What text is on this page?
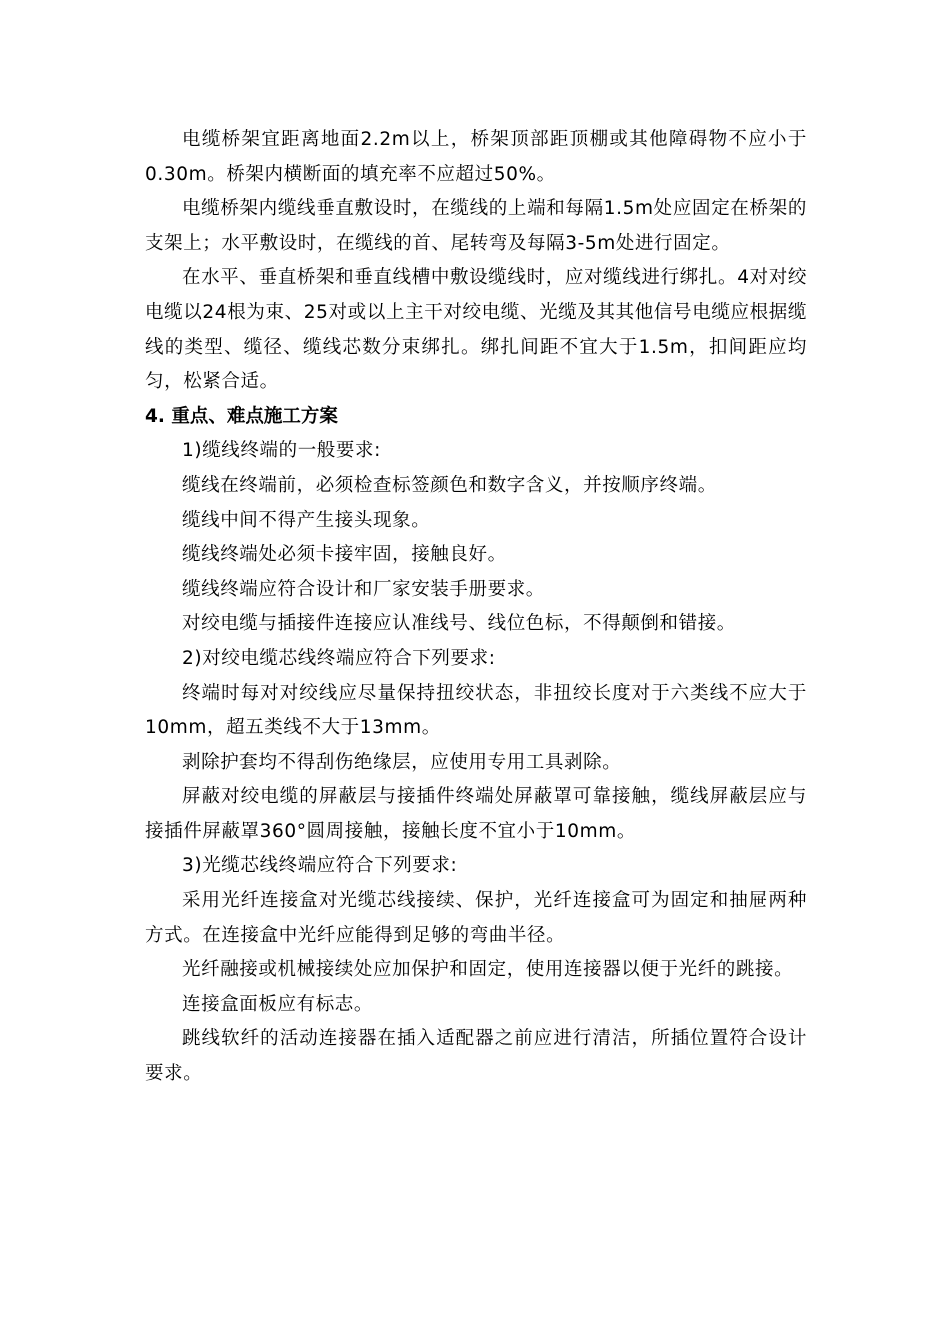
电缆桥架宜距离地面2.2m以上，桥架顶部距顶棚或其他障碍物不应小于0.30m。桥架内横断面的填充率不应超过50%。

电缆桥架内缆线垂直敷设时，在缆线的上端和每隔1.5m处应固定在桥架的支架上；水平敷设时，在缆线的首、尾转弯及每隔3-5m处进行固定。

在水平、垂直桥架和垂直线槽中敷设缆线时，应对缆线进行绑扎。4对对绞电缆以24根为束、25对或以上主干对绞电缆、光缆及其其他信号电缆应根据缆线的类型、缆径、缆线芯数分束绑扎。绑扎间距不宜大于1.5m，扣间距应均匀，松紧合适。

4. 重点、难点施工方案

1)缆线终端的一般要求:

缆线在终端前，必须检查标签颜色和数字含义，并按顺序终端。

缆线中间不得产生接头现象。

缆线终端处必须卡接牢固，接触良好。

缆线终端应符合设计和厂家安装手册要求。

对绞电缆与插接件连接应认准线号、线位色标，不得颠倒和错接。

2)对绞电缆芯线终端应符合下列要求:

终端时每对对绞线应尽量保持扭绞状态，非扭绞长度对于六类线不应大于10mm，超五类线不大于13mm。

剥除护套均不得刮伤绝缘层，应使用专用工具剥除。

屏蔽对绞电缆的屏蔽层与接插件终端处屏蔽罩可靠接触，缆线屏蔽层应与接插件屏蔽罩360°圆周接触，接触长度不宜小于10mm。

3)光缆芯线终端应符合下列要求:

采用光纤连接盒对光缆芯线接续、保护，光纤连接盒可为固定和抽屉两种方式。在连接盒中光纤应能得到足够的弯曲半径。

光纤融接或机械接续处应加保护和固定，使用连接器以便于光纤的跳接。

连接盒面板应有标志。

跳线软纤的活动连接器在插入适配器之前应进行清洁，所插位置符合设计要求。
